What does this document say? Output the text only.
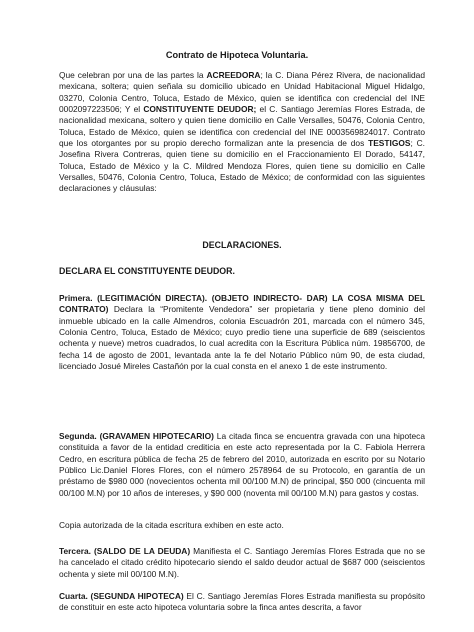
Contrato de Hipoteca Voluntaria.
Que celebran por una de las partes la ACREEDORA; la C. Diana Pérez Rivera, de nacionalidad mexicana, soltera; quien señala su domicilio ubicado en Unidad Habitacional Miguel Hidalgo, 03270, Colonia Centro, Toluca, Estado de México, quien se identifica con credencial del INE 0002097223506; Y el CONSTITUYENTE DEUDOR; el C. Santiago Jeremías Flores Estrada, de nacionalidad mexicana, soltero y quien tiene domicilio en Calle Versalles, 50476, Colonia Centro, Toluca, Estado de México, quien se identifica con credencial del INE 0003569824017. Contrato que los otorgantes por su propio derecho formalizan ante la presencia de dos TESTIGOS; C. Josefina Rivera Contreras, quien tiene su domicilio en el Fraccionamiento El Dorado, 54147, Toluca, Estado de México y la C. Mildred Mendoza Flores, quien tiene su domicilio en Calle Versalles, 50476, Colonia Centro, Toluca, Estado de México; de conformidad con las siguientes declaraciones y cláusulas:
DECLARACIONES.
DECLARA EL CONSTITUYENTE DEUDOR.
Primera. (LEGITIMACIÓN DIRECTA). (OBJETO INDIRECTO- DAR) LA COSA MISMA DEL CONTRATO) Declara la “Promitente Vendedora” ser propietaria y tiene pleno dominio del inmueble ubicado en la calle Almendros, colonia Escuadrón 201, marcada con el número 345, Colonia Centro, Toluca, Estado de México; cuyo predio tiene una superficie de 689 (seiscientos ochenta y nueve) metros cuadrados, lo cual acredita con la Escritura Pública núm. 19856700, de fecha 14 de agosto de 2001, levantada ante la fe del Notario Público núm 90, de esta ciudad, licenciado Josué Mireles Castañón por la cual consta en el anexo 1 de este instrumento.
Segunda. (GRAVAMEN HIPOTECARIO) La citada finca se encuentra gravada con una hipoteca constituida a favor de la entidad crediticia en este acto representada por la C. Fabiola Herrera Cedro, en escritura pública de fecha 25 de febrero del 2010, autorizada en escrito por su Notario Público Lic.Daniel Flores Flores, con el número 2578964 de su Protocolo, en garantía de un préstamo de $980 000 (novecientos ochenta mil 00/100 M.N) de principal, $50 000 (cincuenta mil 00/100 M.N) por 10 años de intereses, y $90 000 (noventa mil 00/100 M.N) para gastos y costas.
Copia autorizada de la citada escritura exhiben en este acto.
Tercera. (SALDO DE LA DEUDA) Manifiesta el C. Santiago Jeremías Flores Estrada que no se ha cancelado el citado crédito hipotecario siendo el saldo deudor actual de $687 000 (seiscientos ochenta y siete mil 00/100 M.N).
Cuarta. (SEGUNDA HIPOTECA) El C. Santiago Jeremías Flores Estrada manifiesta su propósito de constituir en este acto hipoteca voluntaria sobre la finca antes descrita, a favor
